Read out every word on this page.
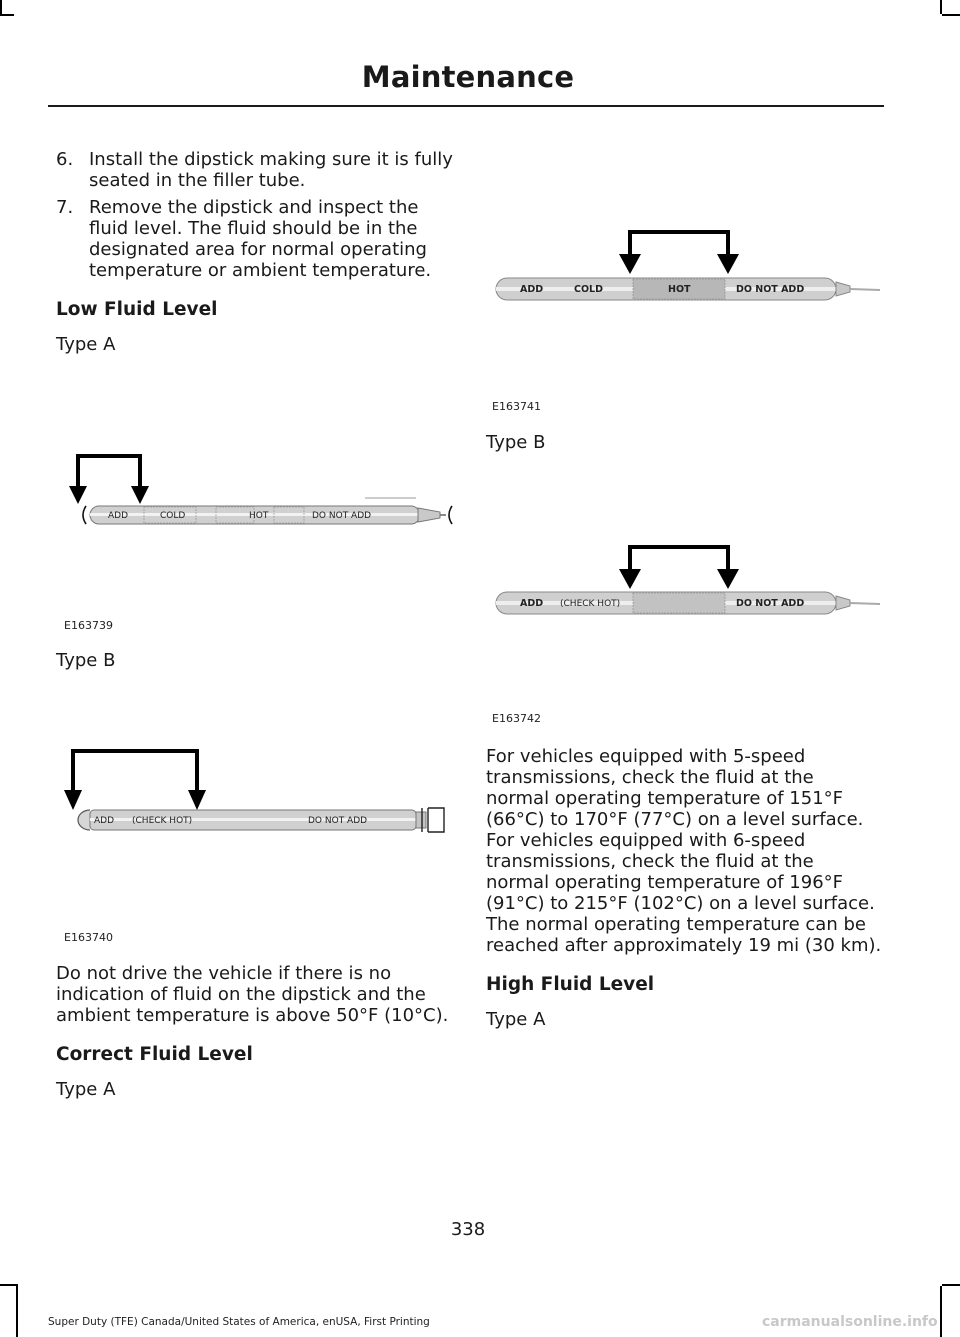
Maintenance

6. Install the dipstick making sure it is fully seated in the filler tube.

7. Remove the dipstick and inspect the fluid level. The fluid should be in the designated area for normal operating temperature or ambient temperature.

Low Fluid Level

Type A

ADD	COLD	HOT	DO NOT ADD
E163739

Type B

ADD (CHECK HOT)	DO NOT ADD
E163740

Do not drive the vehicle if there is no indication of fluid on the dipstick and the ambient temperature is above 50°F (10°C).

Correct Fluid Level

Type A

ADD	COLD	HOT	DO NOT ADD
E163741

Type B

ADD (CHECK HOT)	DO NOT ADD
E163742

For vehicles equipped with 5-speed transmissions, check the fluid at the normal operating temperature of 151°F (66°C) to 170°F (77°C) on a level surface. For vehicles equipped with 6-speed transmissions, check the fluid at the normal operating temperature of 196°F (91°C) to 215°F (102°C) on a level surface. The normal operating temperature can be reached after approximately 19 mi (30 km).

High Fluid Level

Type A

338
Super Duty (TFE) Canada/United States of America, enUSA, First Printing	carmanualsonline.info
